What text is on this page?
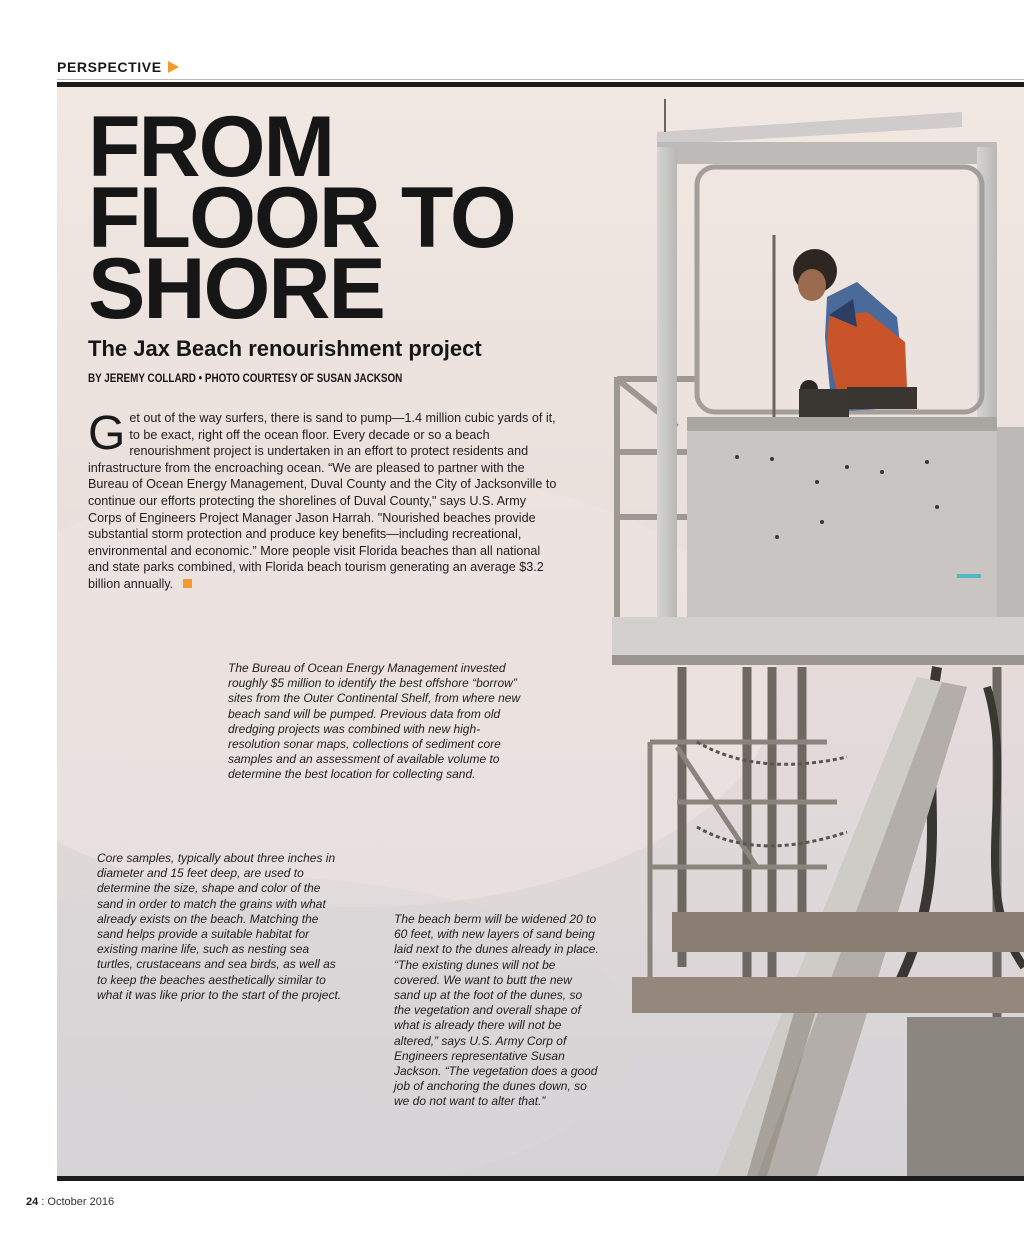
PERSPECTIVE
FROM
FLOOR TO
SHORE
The Jax Beach renourishment project
BY JEREMY COLLARD • PHOTO COURTESY OF SUSAN JACKSON

Get out of the way surfers, there is sand to pump—1.4 million cubic yards of it, to be exact, right off the ocean floor. Every decade or so a beach renourishment project is undertaken in an effort to protect residents and infrastructure from the encroaching ocean. “We are pleased to partner with the Bureau of Ocean Energy Management, Duval County and the City of Jacksonville to continue our efforts protecting the shorelines of Duval County," says U.S. Army Corps of Engineers Project Manager Jason Harrah. "Nourished beaches provide substantial storm protection and produce key benefits—including recreational, environmental and economic.” More people visit Florida beaches than all national and state parks combined, with Florida beach tourism generating an average $3.2 billion annually.

The Bureau of Ocean Energy Management invested roughly $5 million to identify the best offshore “borrow” sites from the Outer Continental Shelf, from where new beach sand will be pumped. Previous data from old dredging projects was combined with new high-resolution sonar maps, collections of sediment core samples and an assessment of available volume to determine the best location for collecting sand.

Core samples, typically about three inches in diameter and 15 feet deep, are used to determine the size, shape and color of the sand in order to match the grains with what already exists on the beach. Matching the sand helps provide a suitable habitat for existing marine life, such as nesting sea turtles, crustaceans and sea birds, as well as to keep the beaches aesthetically similar to what it was like prior to the start of the project.

The beach berm will be widened 20 to 60 feet, with new layers of sand being laid next to the dunes already in place. “The existing dunes will not be covered. We want to butt the new sand up at the foot of the dunes, so the vegetation and overall shape of what is already there will not be altered,” says U.S. Army Corp of Engineers representative Susan Jackson. “The vegetation does a good job of anchoring the dunes down, so we do not want to alter that.”

24 : October 2016
